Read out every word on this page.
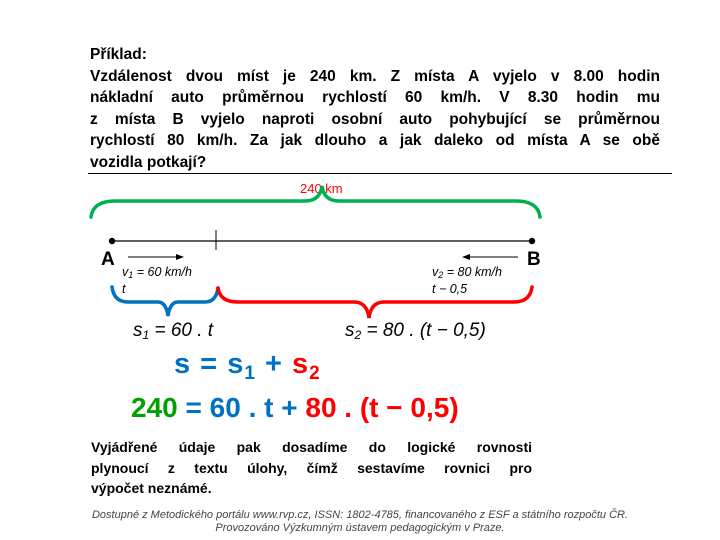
Příklad:
Vzdálenost dvou míst je 240 km. Z místa A vyjelo v 8.00 hodin
nákladní auto průměrnou rychlostí 60 km/h. V 8.30 hodin mu
z místa B vyjelo naproti osobní auto pohybující se průměrnou
rychlostí 80 km/h. Za jak dlouho a jak daleko od místa A se obě
vozidla potkají?
240 km
A	B
$v_1 = 60$ km/h
t
$v_2 = 80$ km/h
t − 0,5
$s_1 = 60$ . t	$s_2 = 80$ . (t − 0,5)
$s = s_1 + s_2$
240 = 60 . t + 80 . (t − 0,5)
Vyjádřené údaje pak dosadíme do logické rovnosti
plynoucí z textu úlohy, čímž sestavíme rovnici pro
výpočet neznámé.
Dostupné z Metodického portálu www.rvp.cz, ISSN: 1802-4785, financovaného z ESF a státního rozpočtu ČR.
Provozováno Výzkumným ústavem pedagogickým v Praze.
